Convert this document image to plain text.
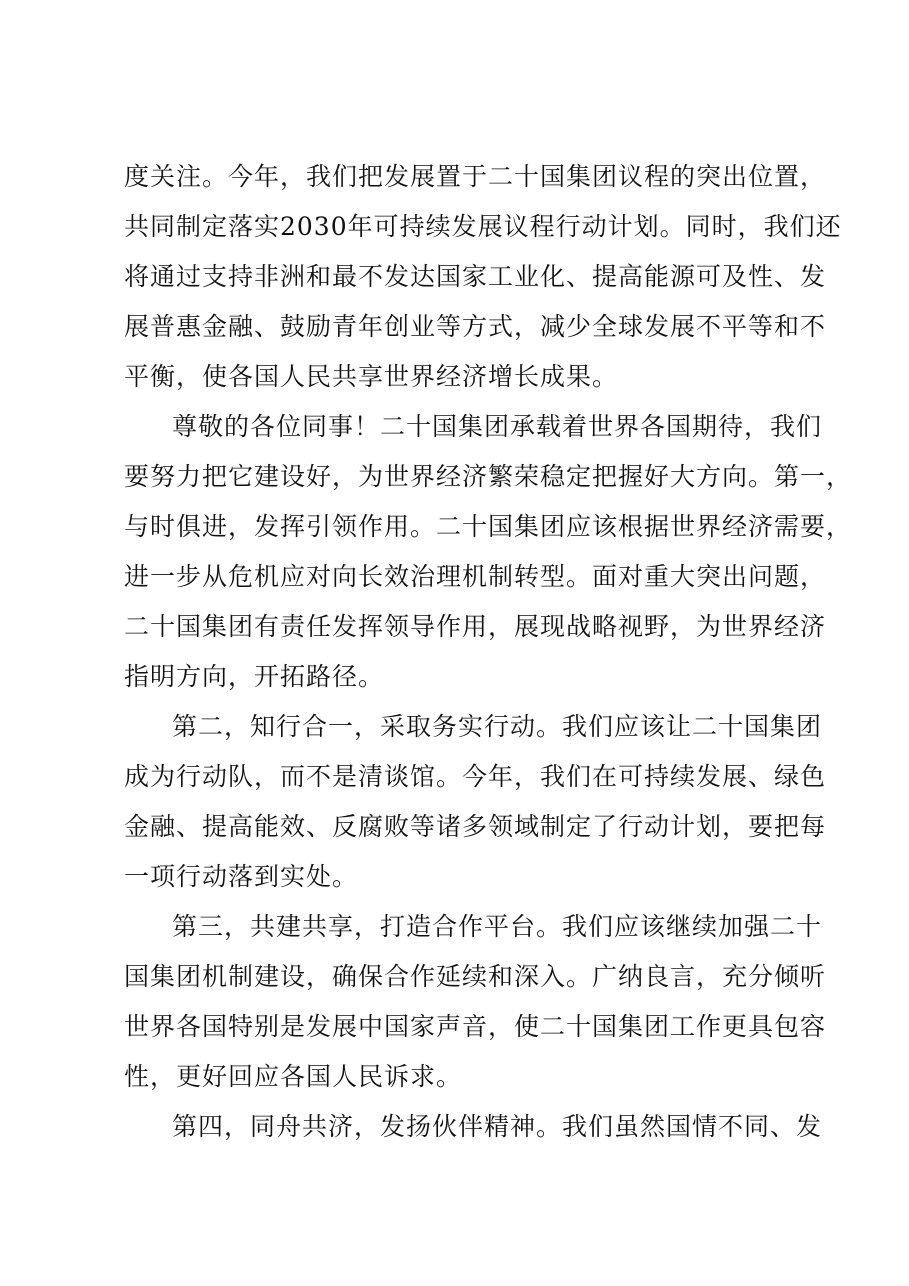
度关注。今年，我们把发展置于二十国集团议程的突出位置，
共同制定落实2030年可持续发展议程行动计划。同时，我们还
将通过支持非洲和最不发达国家工业化、提高能源可及性、发
展普惠金融、鼓励青年创业等方式，减少全球发展不平等和不
平衡，使各国人民共享世界经济增长成果。
尊敬的各位同事！二十国集团承载着世界各国期待，我们
要努力把它建设好，为世界经济繁荣稳定把握好大方向。第一，
与时俱进，发挥引领作用。二十国集团应该根据世界经济需要，
进一步从危机应对向长效治理机制转型。面对重大突出问题，
二十国集团有责任发挥领导作用，展现战略视野，为世界经济
指明方向，开拓路径。
第二，知行合一，采取务实行动。我们应该让二十国集团
成为行动队，而不是清谈馆。今年，我们在可持续发展、绿色
金融、提高能效、反腐败等诸多领域制定了行动计划，要把每
一项行动落到实处。
第三，共建共享，打造合作平台。我们应该继续加强二十
国集团机制建设，确保合作延续和深入。广纳良言，充分倾听
世界各国特别是发展中国家声音，使二十国集团工作更具包容
性，更好回应各国人民诉求。
第四，同舟共济，发扬伙伴精神。我们虽然国情不同、发
